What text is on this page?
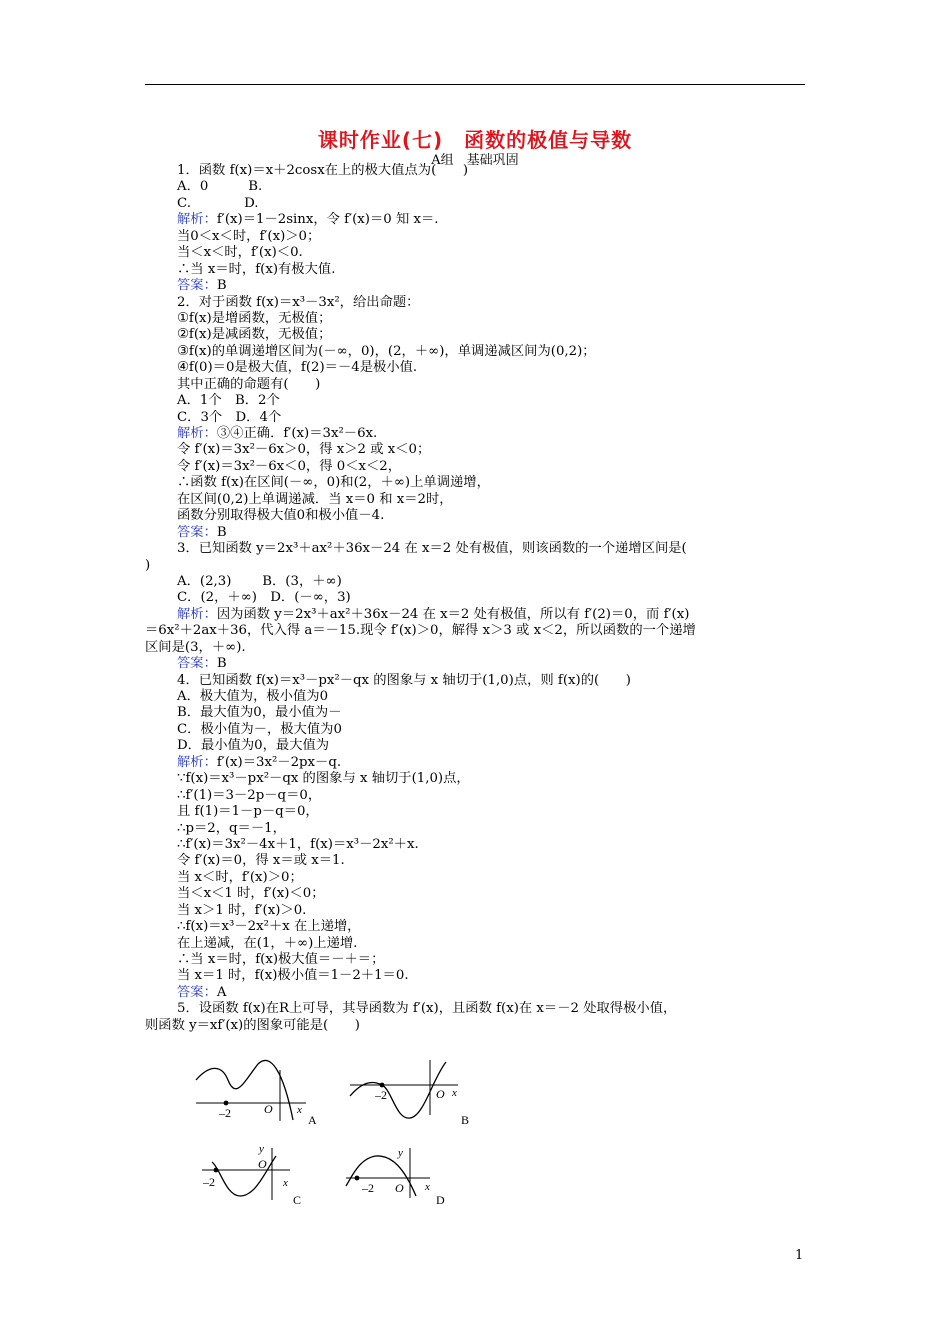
课时作业(七)　函数的极值与导数
A组　基础巩固
1．函数 f(x)＝x＋2cosx在上的极大值点为(　　)
A．0　　　B.
C.　　　　D.
解析：f′(x)＝1－2sinx，令 f′(x)＝0 知 x＝.
当0＜x＜时，f′(x)＞0；
当＜x＜时，f′(x)＜0.
∴当 x＝时，f(x)有极大值.
答案：B
2．对于函数 f(x)＝x³－3x²，给出命题：
①f(x)是增函数，无极值；
②f(x)是减函数，无极值；
③f(x)的单调递增区间为(－∞，0)，(2，＋∞)，单调递减区间为(0,2)；
④f(0)＝0是极大值，f(2)＝－4是极小值.
其中正确的命题有(　　)
A．1个　B．2个
C．3个　D．4个
解析：③④正确．f′(x)＝3x²－6x.
令 f′(x)＝3x²－6x＞0，得 x＞2 或 x＜0；
令 f′(x)＝3x²－6x＜0，得 0＜x＜2，
∴函数 f(x)在区间(－∞，0)和(2，＋∞)上单调递增，
在区间(0,2)上单调递减．当 x＝0 和 x＝2时，
函数分别取得极大值0和极小值－4.
答案：B
3．已知函数 y＝2x³＋ax²＋36x－24 在 x＝2 处有极值，则该函数的一个递增区间是(
)
A．(2,3)　　 B．(3，＋∞)
C．(2，＋∞)　D．(－∞，3)
解析：因为函数 y＝2x³＋ax²＋36x－24 在 x＝2 处有极值，所以有 f′(2)＝0，而 f′(x)
＝6x²＋2ax＋36，代入得 a＝－15.现令 f′(x)＞0，解得 x＞3 或 x＜2，所以函数的一个递增
区间是(3，＋∞).
答案：B
4．已知函数 f(x)＝x³－px²－qx 的图象与 x 轴切于(1,0)点，则 f(x)的(　　)
A．极大值为，极小值为0
B．最大值为0，最小值为－
C．极小值为－，极大值为0
D．最小值为0，最大值为
解析：f′(x)＝3x²－2px－q.
∵f(x)＝x³－px²－qx 的图象与 x 轴切于(1,0)点，
∴f′(1)＝3－2p－q＝0，
且 f(1)＝1－p－q＝0，
∴p＝2，q＝－1，
∴f′(x)＝3x²－4x＋1，f(x)＝x³－2x²＋x.
令 f′(x)＝0，得 x＝或 x＝1.
当 x＜时，f′(x)＞0；
当＜x＜1 时，f′(x)＜0；
当 x＞1 时，f′(x)＞0.
∴f(x)＝x³－2x²＋x 在上递增，
在上递减，在(1，＋∞)上递增.
∴当 x＝时，f(x)极大值＝－＋＝；
当 x＝1 时，f(x)极小值＝1－2＋1＝0.
答案：A
5．设函数 f(x)在R上可导，其导函数为 f′(x)，且函数 f(x)在 x＝－2 处取得极小值，
则函数 y＝xf′(x)的图象可能是(　　)
–2	O x
A
–2	O x
B
–2
O
x
y
C
–2 O x
y
D
1
